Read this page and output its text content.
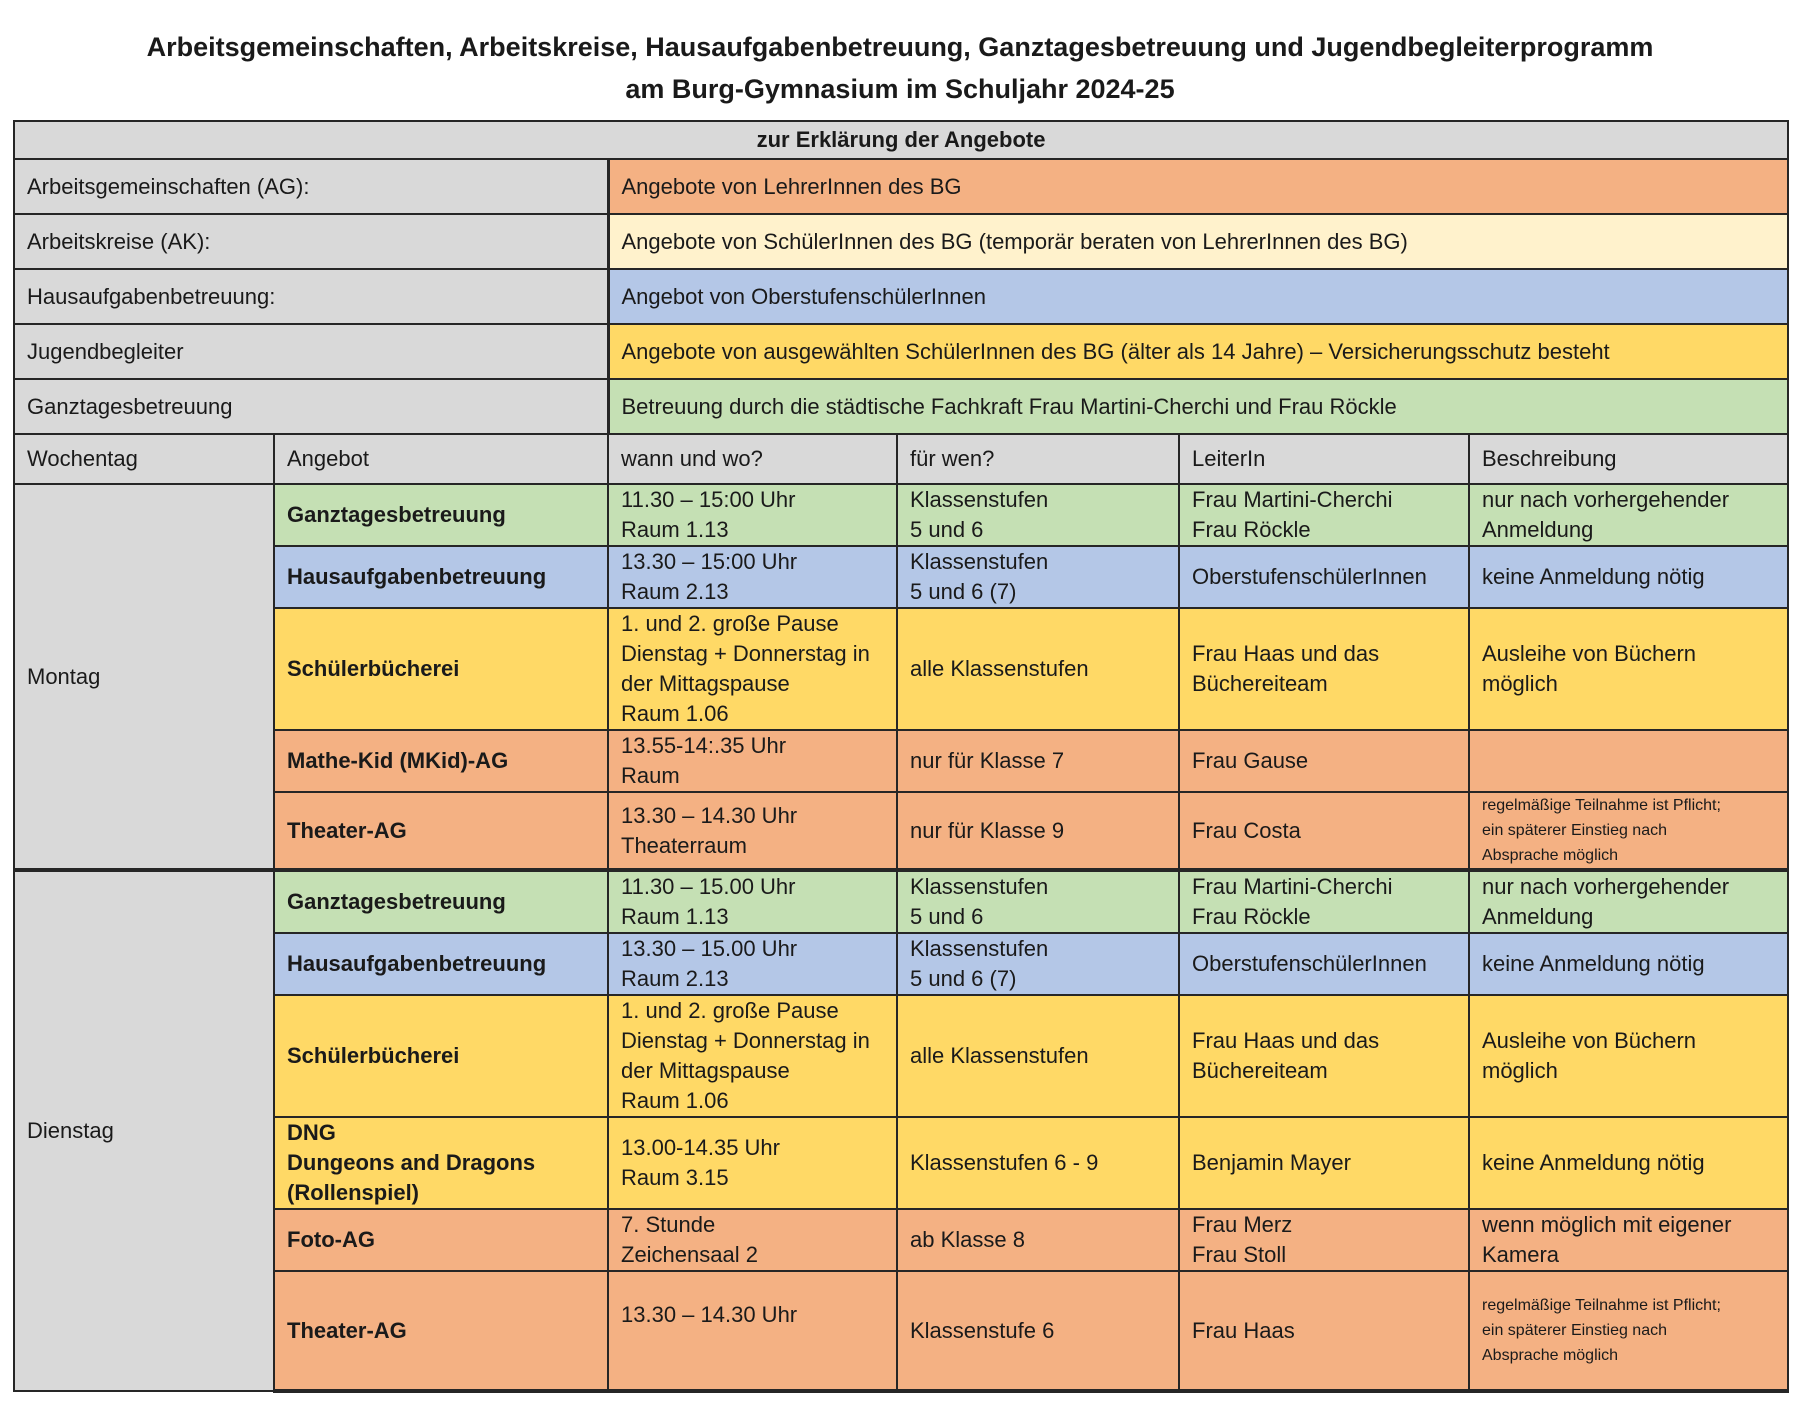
Arbeitsgemeinschaften, Arbeitskreise, Hausaufgabenbetreuung, Ganztagesbetreuung und Jugendbegleiterprogramm
am Burg-Gymnasium im Schuljahr 2024-25
zur Erklärung der Angebote					
Arbeitsgemeinschaften (AG):		Angebote von LehrerInnen des BG			
Arbeitskreise (AK):		Angebote von SchülerInnen des BG (temporär beraten von LehrerInnen des BG)			
Hausaufgabenbetreuung:		Angebot von OberstufenschülerInnen			
Jugendbegleiter		Angebote von ausgewählten SchülerInnen des BG (älter als 14 Jahre) – Versicherungsschutz besteht			
Ganztagesbetreuung		Betreuung durch die städtische Fachkraft Frau Martini-Cherchi und Frau Röckle			
Wochentag	Angebot	wann und wo?	für wen?	LeiterIn	Beschreibung
Montag	Ganztagesbetreuung	11.30 – 15:00 Uhr
Raum 1.13	Klassenstufen
5 und 6	Frau Martini-Cherchi
Frau Röckle	nur nach vorhergehender
Anmeldung
	Hausaufgabenbetreuung	13.30 – 15:00 Uhr
Raum 2.13	Klassenstufen
5 und 6 (7)	OberstufenschülerInnen	keine Anmeldung nötig
	Schülerbücherei	1. und 2. große Pause
Dienstag + Donnerstag in
der Mittagspause
Raum 1.06	alle Klassenstufen	Frau Haas und das
Büchereiteam	Ausleihe von Büchern
möglich
	Mathe-Kid (MKid)-AG	13.55-14:.35 Uhr
Raum	nur für Klasse 7	Frau Gause	
	Theater-AG	13.30 – 14.30 Uhr
Theaterraum	nur für Klasse 9	Frau Costa	regelmäßige Teilnahme ist Pflicht;
ein späterer Einstieg nach
Absprache möglich
Dienstag	Ganztagesbetreuung	11.30 – 15.00 Uhr
Raum 1.13	Klassenstufen
5 und 6	Frau Martini-Cherchi
Frau Röckle	nur nach vorhergehender
Anmeldung
	Hausaufgabenbetreuung	13.30 – 15.00 Uhr
Raum 2.13	Klassenstufen
5 und 6 (7)	OberstufenschülerInnen	keine Anmeldung nötig
	Schülerbücherei	1. und 2. große Pause
Dienstag + Donnerstag in
der Mittagspause
Raum 1.06	alle Klassenstufen	Frau Haas und das
Büchereiteam	Ausleihe von Büchern
möglich
	DNG
Dungeons and Dragons
(Rollenspiel)	13.00-14.35 Uhr
Raum 3.15	Klassenstufen 6 - 9	Benjamin Mayer	keine Anmeldung nötig
	Foto-AG	7. Stunde
Zeichensaal 2	ab Klasse 8	Frau Merz
Frau Stoll	wenn möglich mit eigener
Kamera
	Theater-AG	13.30 – 14.30 Uhr	Klassenstufe 6	Frau Haas	regelmäßige Teilnahme ist Pflicht;
ein späterer Einstieg nach
Absprache möglich
